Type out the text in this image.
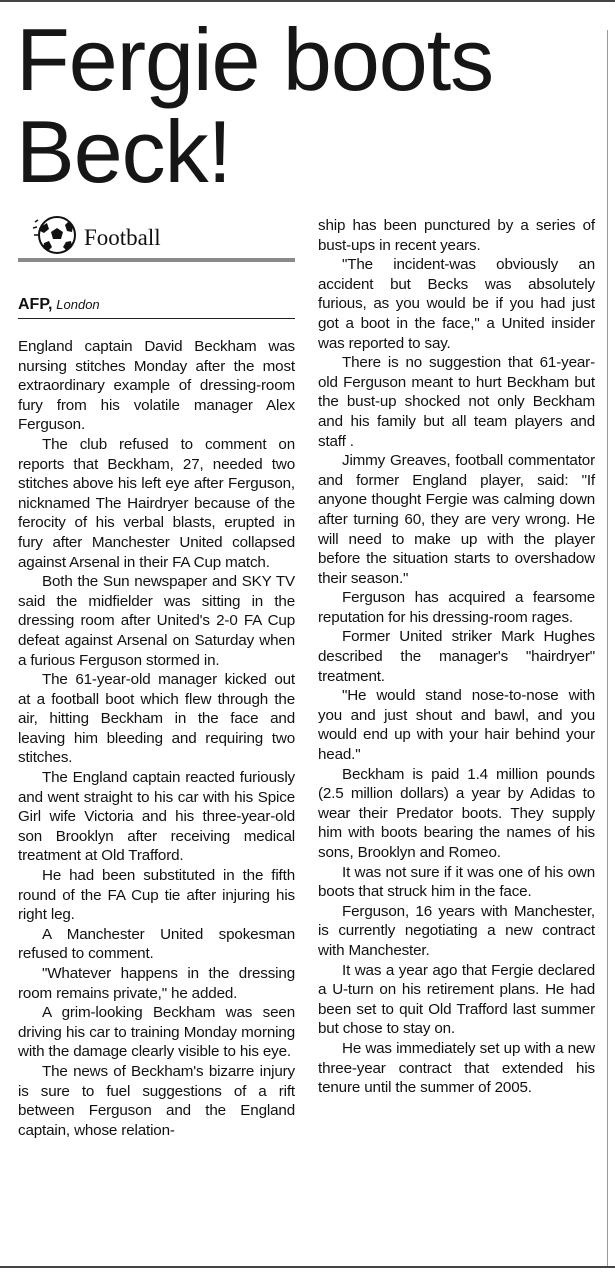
Fergie boots Beck!
Football
AFP, London

England captain David Beckham was nursing stitches Monday after the most extraordinary example of dressing-room fury from his volatile manager Alex Ferguson.

The club refused to comment on reports that Beckham, 27, needed two stitches above his left eye after Ferguson, nicknamed The Hairdryer because of the ferocity of his verbal blasts, erupted in fury after Manchester United collapsed against Arsenal in their FA Cup match.

Both the Sun newspaper and SKY TV said the midfielder was sitting in the dressing room after United's 2-0 FA Cup defeat against Arsenal on Saturday when a furious Ferguson stormed in.

The 61-year-old manager kicked out at a football boot which flew through the air, hitting Beckham in the face and leaving him bleeding and requiring two stitches.

The England captain reacted furiously and went straight to his car with his Spice Girl wife Victoria and his three-year-old son Brooklyn after receiving medical treatment at Old Trafford.

He had been substituted in the fifth round of the FA Cup tie after injuring his right leg.

A Manchester United spokesman refused to comment.

"Whatever happens in the dressing room remains private," he added.

A grim-looking Beckham was seen driving his car to training Monday morning with the damage clearly visible to his eye.

The news of Beckham's bizarre injury is sure to fuel suggestions of a rift between Ferguson and the England captain, whose relation-

ship has been punctured by a series of bust-ups in recent years.

"The incident-was obviously an accident but Becks was absolutely furious, as you would be if you had just got a boot in the face," a United insider was reported to say.

There is no suggestion that 61-year-old Ferguson meant to hurt Beckham but the bust-up shocked not only Beckham and his family but all team players and staff .

Jimmy Greaves, football commentator and former England player, said: "If anyone thought Fergie was calming down after turning 60, they are very wrong. He will need to make up with the player before the situation starts to overshadow their season."

Ferguson has acquired a fearsome reputation for his dressing-room rages.

Former United striker Mark Hughes described the manager's "hairdryer" treatment.

"He would stand nose-to-nose with you and just shout and bawl, and you would end up with your hair behind your head."

Beckham is paid 1.4 million pounds (2.5 million dollars) a year by Adidas to wear their Predator boots. They supply him with boots bearing the names of his sons, Brooklyn and Romeo.

It was not sure if it was one of his own boots that struck him in the face.

Ferguson, 16 years with Manchester, is currently negotiating a new contract with Manchester.

It was a year ago that Fergie declared a U-turn on his retirement plans. He had been set to quit Old Trafford last summer but chose to stay on.

He was immediately set up with a new three-year contract that extended his tenure until the summer of 2005.
